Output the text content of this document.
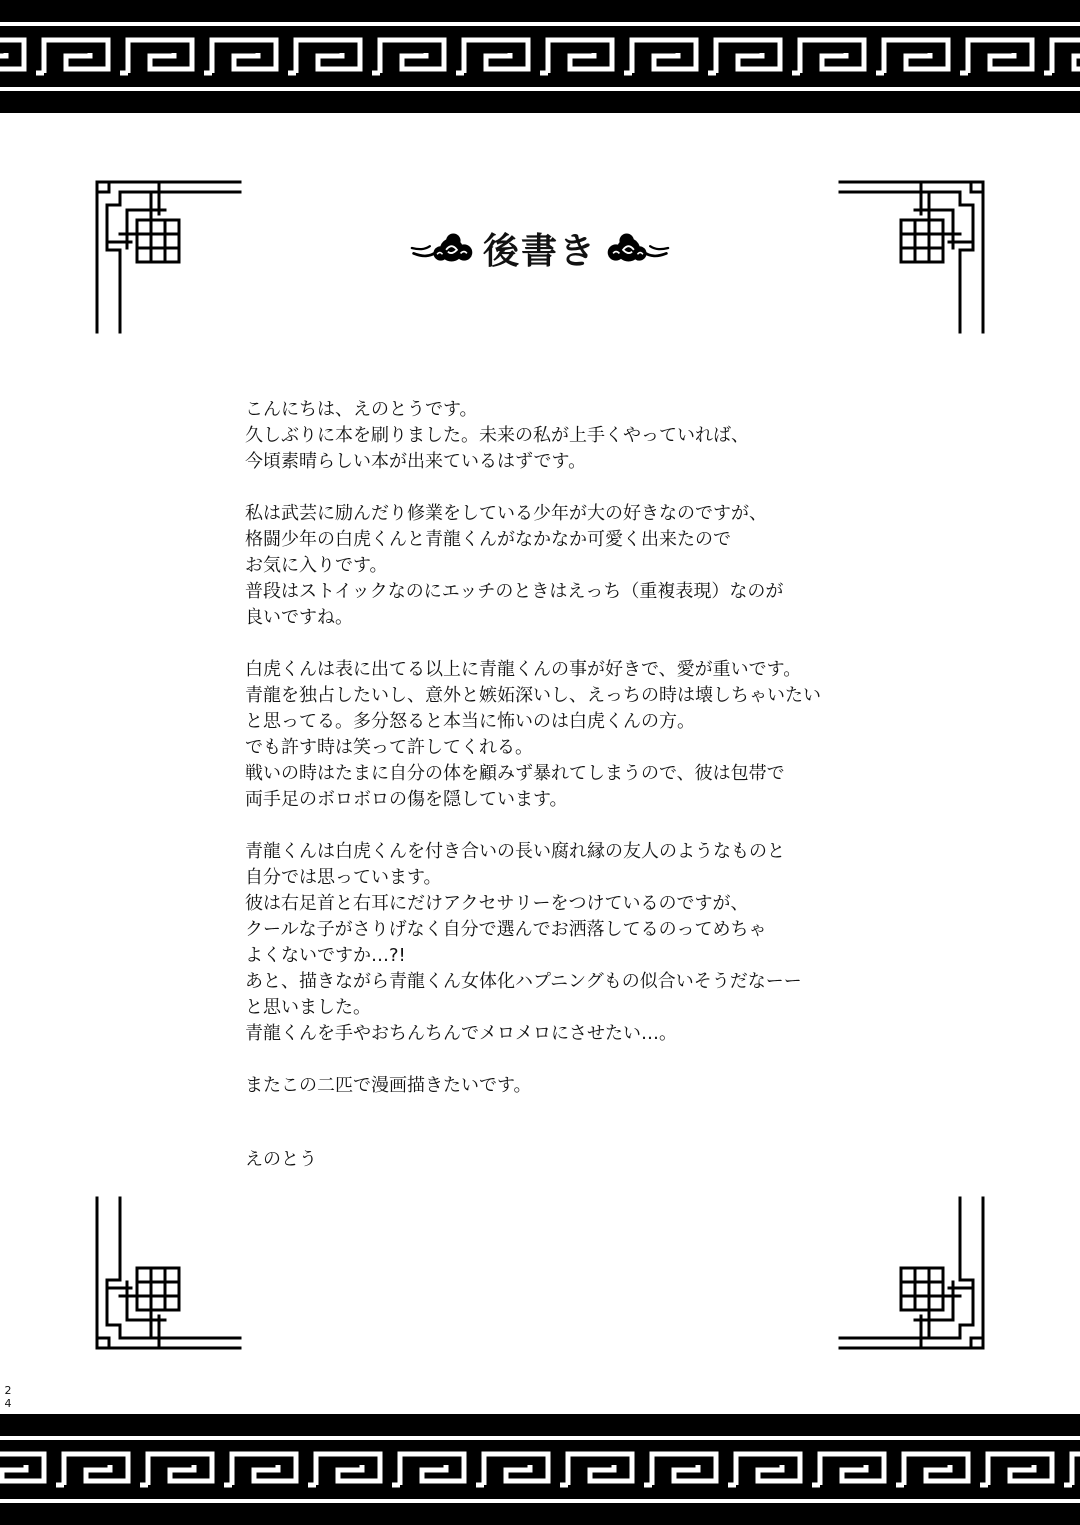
後書き
こんにちは、えのとうです。
久しぶりに本を刷りました。未来の私が上手くやっていれば、
今頃素晴らしい本が出来ているはずです。
私は武芸に励んだり修業をしている少年が大の好きなのですが、
格闘少年の白虎くんと青龍くんがなかなか可愛く出来たので
お気に入りです。
普段はストイックなのにエッチのときはえっち（重複表現）なのが
良いですね。
白虎くんは表に出てる以上に青龍くんの事が好きで、愛が重いです。
青龍を独占したいし、意外と嫉妬深いし、えっちの時は壊しちゃいたい
と思ってる。多分怒ると本当に怖いのは白虎くんの方。
でも許す時は笑って許してくれる。
戦いの時はたまに自分の体を顧みず暴れてしまうので、彼は包帯で
両手足のボロボロの傷を隠しています。
青龍くんは白虎くんを付き合いの長い腐れ縁の友人のようなものと
自分では思っています。
彼は右足首と右耳にだけアクセサリーをつけているのですが、
クールな子がさりげなく自分で選んでお洒落してるのってめちゃ
よくないですか…?!
あと、描きながら青龍くん女体化ハプニングもの似合いそうだなーー
と思いました。
青龍くんを手やおちんちんでメロメロにさせたい…。
またこの二匹で漫画描きたいです。
えのとう
24
